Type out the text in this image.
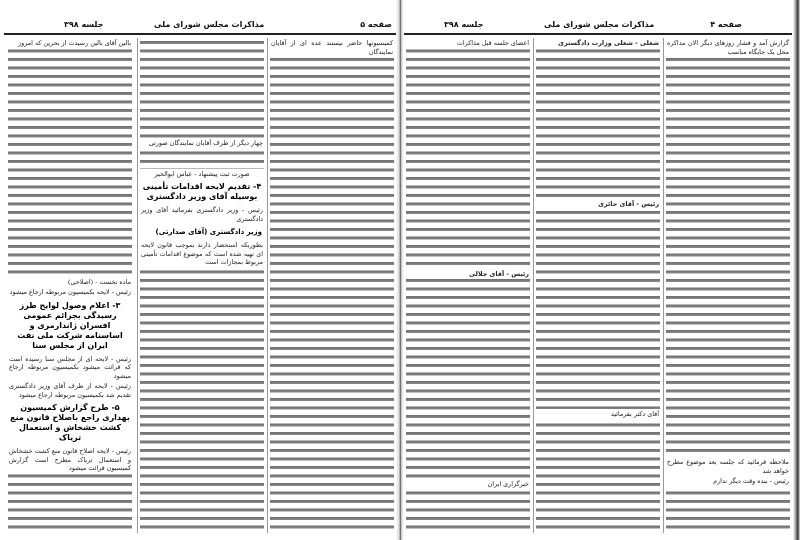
جلسه ۳۹۸	مذاکرات مجلس شورای ملی	صفحه ۵
کمیسیونها حاضر نیستند عده ای از آقایان نمایندگان
چهار دیگر از طرف آقایان نمایندگان صورتی
صورت ثبت پیشنهاد - عباس ابوالخیر
۴- تقدیم لایحه اقدامات تأمینی بوسیله آقای وزیر دادگستری
رئیس - وزیر دادگستری بفرمائید آقای وزیر دادگستری
وزیر دادگستری (آقای صدارتی)
بطوریکه استحضار دارند بموجب قانون لایحه ای تهیه شده است که موضوع اقدامات تأمینی مربوط بمجازات است
بالین آقای بالین رسیدت از بحرین که امروز
ماده نخست - (اصلاحی)
رئیس - لایحه بکمیسیون مربوطه ارجاع میشود
۳- اعلام وصول لوایح طرز رسیدگی بجرائم عمومی افسران ژاندارمری و اساسنامه شرکت ملی نفت ایران از مجلس سنا
رئیس - لایحه ای از مجلس سنا رسیده است که قرائت میشود بکمیسیون مربوطه ارجاع میشود
رئیس - لایحه از طرف آقای وزیر دادگستری تقدیم شد بکمیسیون مربوطه ارجاع میشود
۵- طرح گزارش کمیسیون بهداری راجع باصلاح قانون منع کشت خشخاش و استعمال تریاک
رئیس - لایحه اصلاح قانون منع کشت خشخاش و استعمال تریاک مطرح است گزارش کمیسیون قرائت میشود
جلسه ۳۹۸	مذاکرات مجلس شورای ملی	صفحه ۴
گزارش آمد و فشار روزهای دیگر الان مذاکره محل یک جایگاه مناسب
ملاحظه فرمائید که جلسه بعد موضوع مطرح خواهد شد
رئیس - بنده وقت دیگر ندارم
شغلی - شغلی وزارت دادگستری
رئیس - آقای حائری
آقای دکتر بفرمائید
اعضای جلسه قبل مذاکرات
رئیس - آقای جلالی
خبرگزاری ایران
